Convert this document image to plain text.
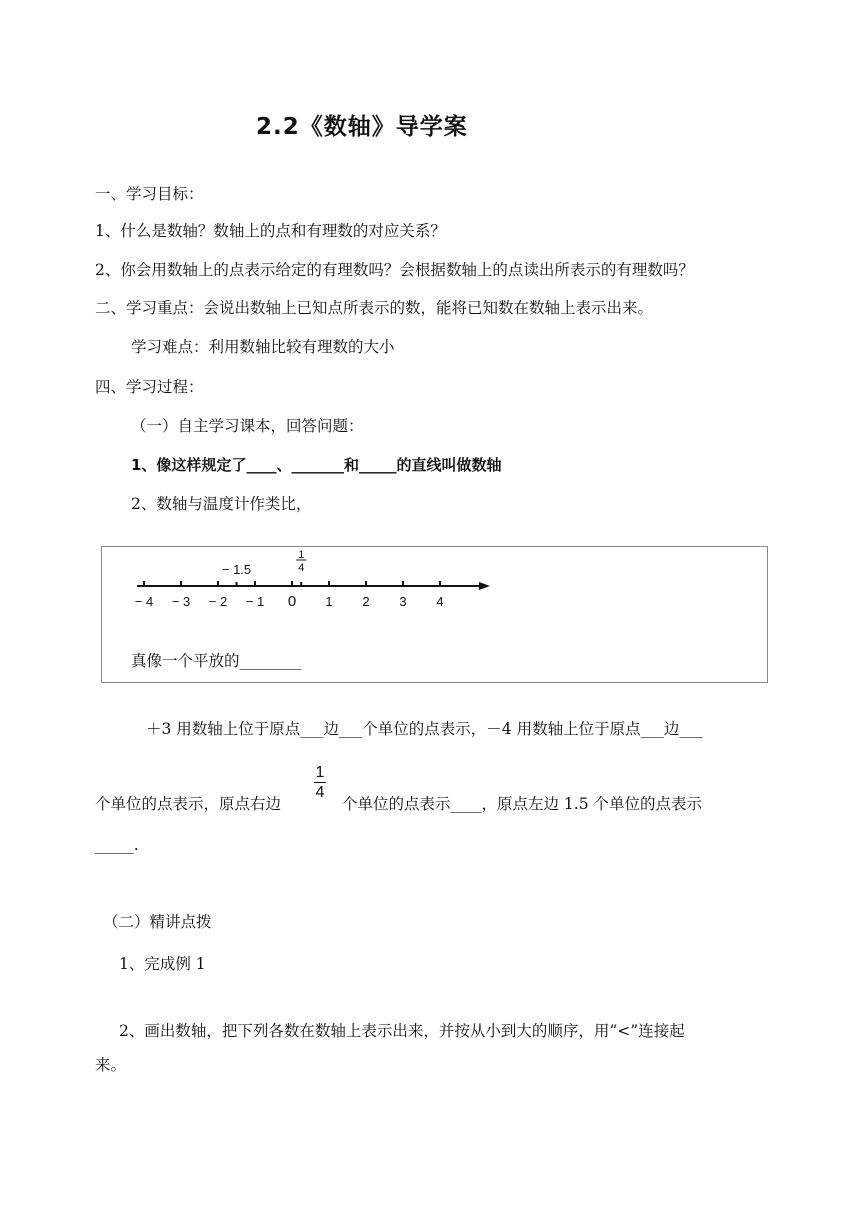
2.2《数轴》导学案
一、学习目标：
1、什么是数轴？数轴上的点和有理数的对应关系？
2、你会用数轴上的点表示给定的有理数吗？会根据数轴上的点读出所表示的有理数吗？
二、学习重点：会说出数轴上已知点所表示的数，能将已知数在数轴上表示出来。
学习难点：利用数轴比较有理数的大小
四、学习过程：
（一）自主学习课本，回答问题：
1、像这样规定了____、_______和_____的直线叫做数轴
2、数轴与温度计作类比，
− 4 − 3 − 2 − 1 0 1 2 3 4
− 1.5
1
4
真像一个平放的________
＋3 用数轴上位于原点___边___个单位的点表示，－4 用数轴上位于原点___边___
个单位的点表示，原点右边
1
4
个单位的点表示____，原点左边 1.5 个单位的点表示
_____.
（二）精讲点拨
1、完成例 1
2、画出数轴，把下列各数在数轴上表示出来，并按从小到大的顺序，用“<”连接起
来。
